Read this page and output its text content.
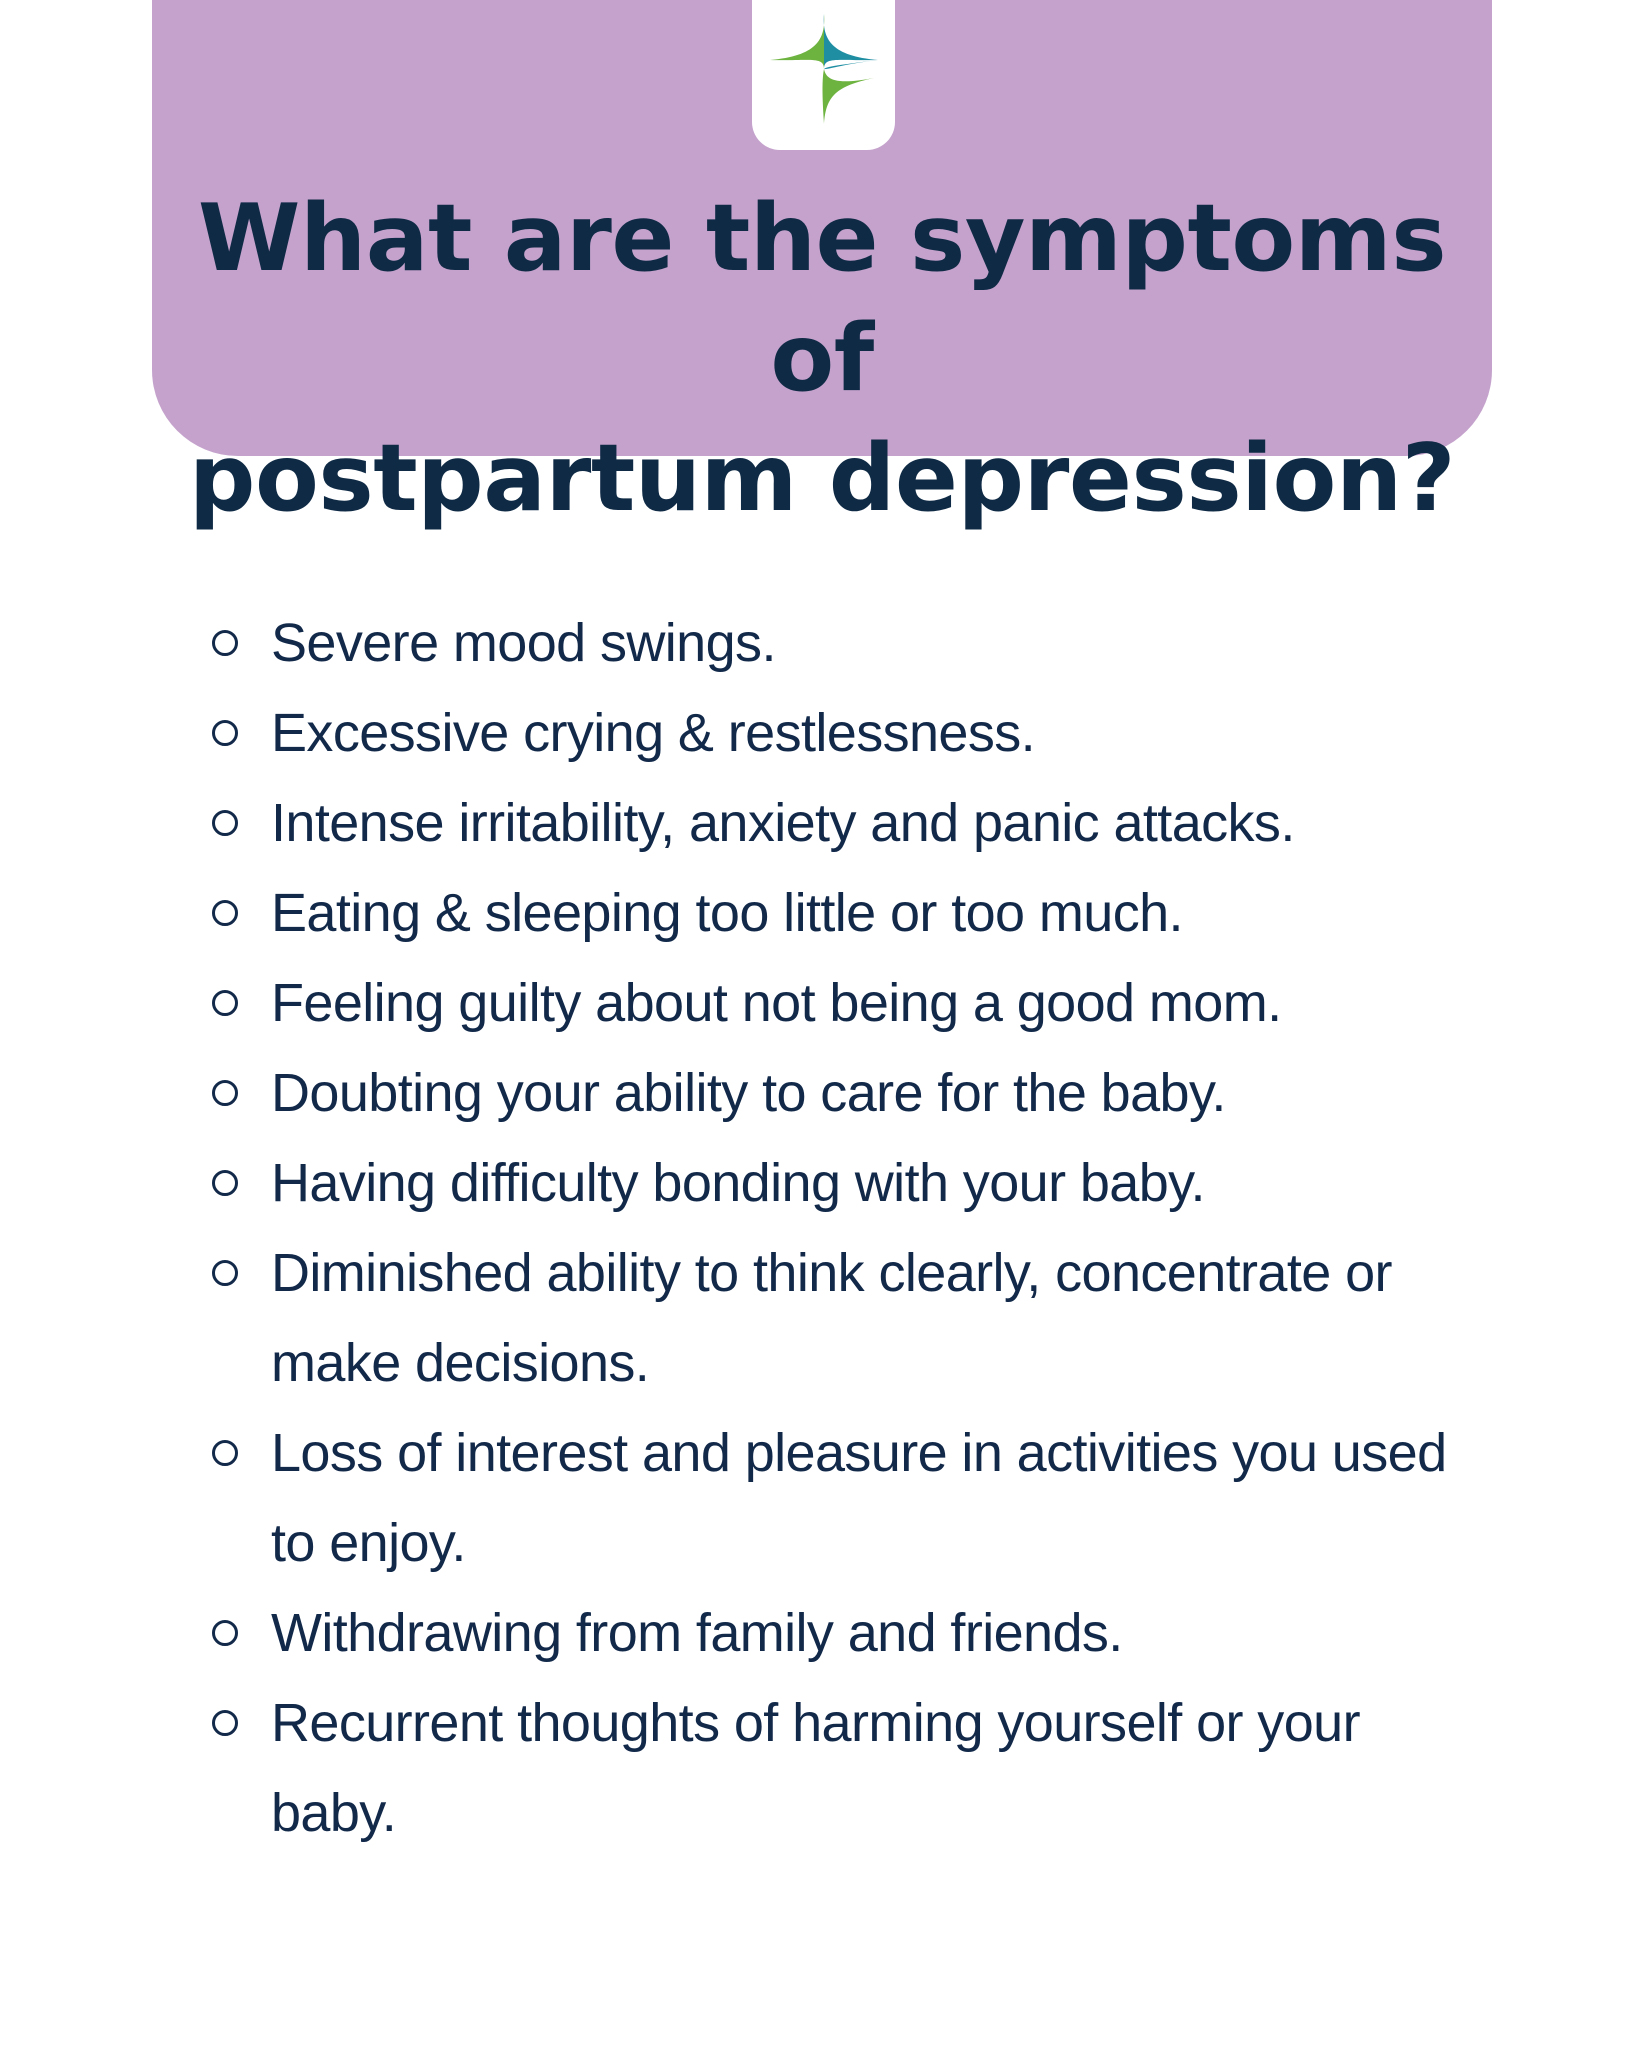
What are the symptoms of
postpartum depression?
Severe mood swings.
Excessive crying & restlessness.
Intense irritability, anxiety and panic attacks.
Eating & sleeping too little or too much.
Feeling guilty about not being a good mom.
Doubting your ability to care for the baby.
Having difficulty bonding with your baby.
Diminished ability to think clearly, concentrate or make decisions.
Loss of interest and pleasure in activities you used to enjoy.
Withdrawing from family and friends.
Recurrent thoughts of harming yourself or your baby.
